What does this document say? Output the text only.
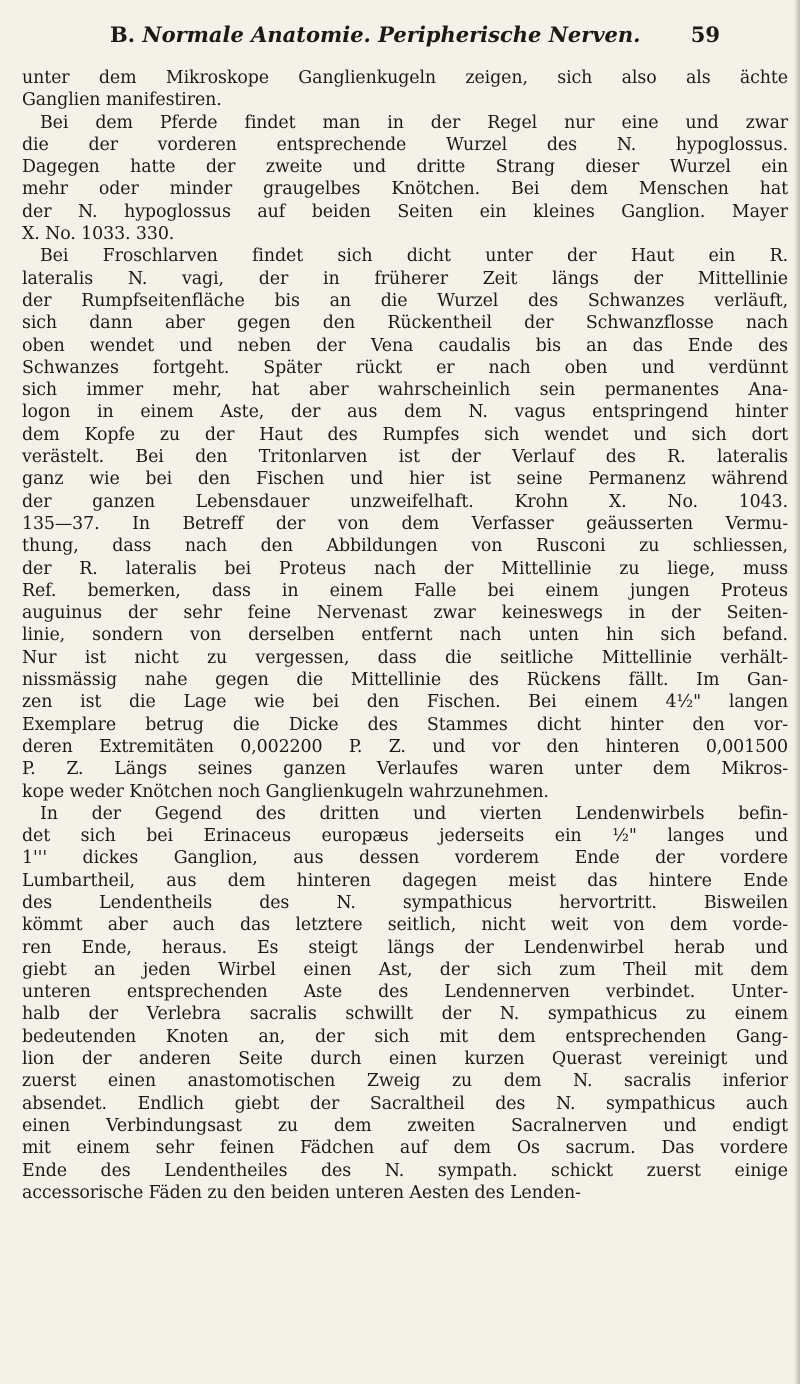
B. Normale Anatomie. Peripherische Nerven. 59
unter dem Mikroskope Ganglienkugeln zeigen, sich also als ächte
Ganglien manifestiren.
Bei dem Pferde findet man in der Regel nur eine und zwar
die der vorderen entsprechende Wurzel des N. hypoglossus.
Dagegen hatte der zweite und dritte Strang dieser Wurzel ein
mehr oder minder graugelbes Knötchen. Bei dem Menschen hat
der N. hypoglossus auf beiden Seiten ein kleines Ganglion. Mayer
X. No. 1033. 330.
Bei Froschlarven findet sich dicht unter der Haut ein R.
lateralis N. vagi, der in früherer Zeit längs der Mittellinie
der Rumpfseitenfläche bis an die Wurzel des Schwanzes verläuft,
sich dann aber gegen den Rückentheil der Schwanzflosse nach
oben wendet und neben der Vena caudalis bis an das Ende des
Schwanzes fortgeht. Später rückt er nach oben und verdünnt
sich immer mehr, hat aber wahrscheinlich sein permanentes Ana-
logon in einem Aste, der aus dem N. vagus entspringend hinter
dem Kopfe zu der Haut des Rumpfes sich wendet und sich dort
verästelt. Bei den Tritonlarven ist der Verlauf des R. lateralis
ganz wie bei den Fischen und hier ist seine Permanenz während
der ganzen Lebensdauer unzweifelhaft. Krohn X. No. 1043.
135—37. In Betreff der von dem Verfasser geäusserten Vermu-
thung, dass nach den Abbildungen von Rusconi zu schliessen,
der R. lateralis bei Proteus nach der Mittellinie zu liege, muss
Ref. bemerken, dass in einem Falle bei einem jungen Proteus
auguinus der sehr feine Nervenast zwar keineswegs in der Seiten-
linie, sondern von derselben entfernt nach unten hin sich befand.
Nur ist nicht zu vergessen, dass die seitliche Mittellinie verhält-
nissmässig nahe gegen die Mittellinie des Rückens fällt. Im Gan-
zen ist die Lage wie bei den Fischen. Bei einem 4½" langen
Exemplare betrug die Dicke des Stammes dicht hinter den vor-
deren Extremitäten 0,002200 P. Z. und vor den hinteren 0,001500
P. Z. Längs seines ganzen Verlaufes waren unter dem Mikros-
kope weder Knötchen noch Ganglienkugeln wahrzunehmen.
In der Gegend des dritten und vierten Lendenwirbels befin-
det sich bei Erinaceus europæus jederseits ein ½" langes und
1''' dickes Ganglion, aus dessen vorderem Ende der vordere
Lumbartheil, aus dem hinteren dagegen meist das hintere Ende
des Lendentheils des N. sympathicus hervortritt. Bisweilen
kömmt aber auch das letztere seitlich, nicht weit von dem vorde-
ren Ende, heraus. Es steigt längs der Lendenwirbel herab und
giebt an jeden Wirbel einen Ast, der sich zum Theil mit dem
unteren entsprechenden Aste des Lendennerven verbindet. Unter-
halb der Verlebra sacralis schwillt der N. sympathicus zu einem
bedeutenden Knoten an, der sich mit dem entsprechenden Gang-
lion der anderen Seite durch einen kurzen Querast vereinigt und
zuerst einen anastomotischen Zweig zu dem N. sacralis inferior
absendet. Endlich giebt der Sacraltheil des N. sympathicus auch
einen Verbindungsast zu dem zweiten Sacralnerven und endigt
mit einem sehr feinen Fädchen auf dem Os sacrum. Das vordere
Ende des Lendentheiles des N. sympath. schickt zuerst einige
accessorische Fäden zu den beiden unteren Aesten des Lenden-
